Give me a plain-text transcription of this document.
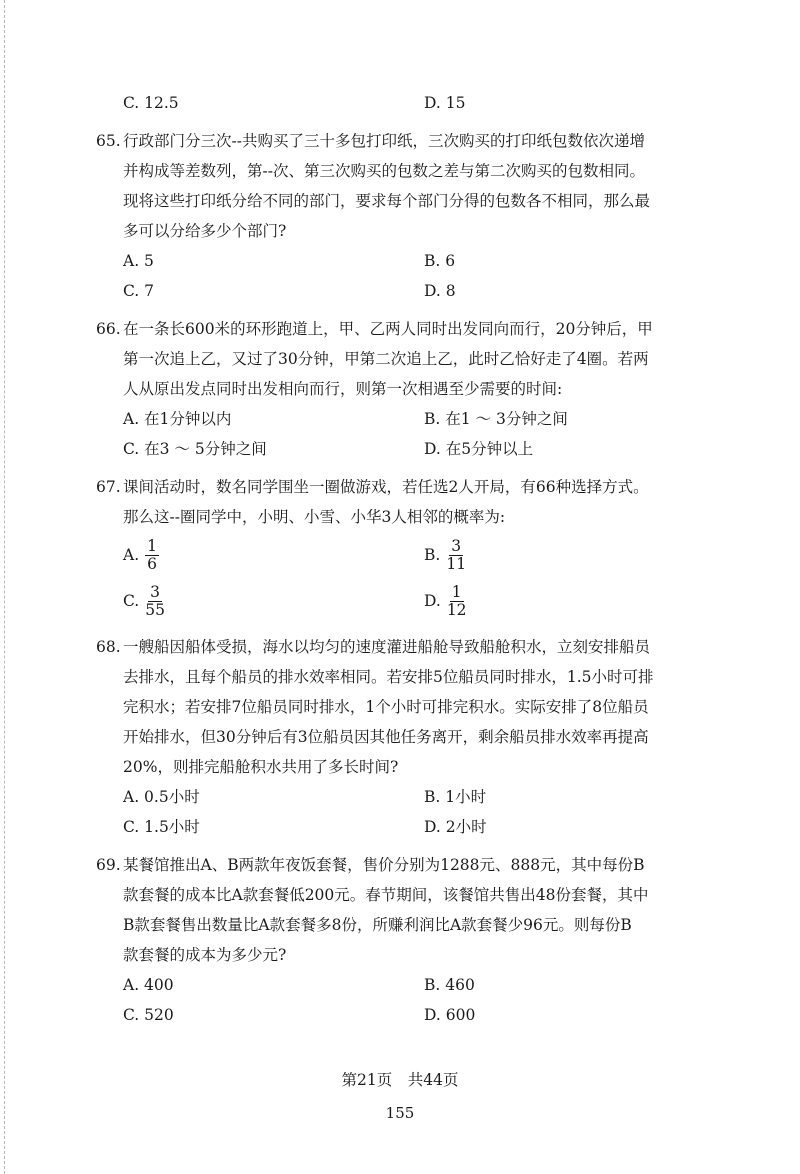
C. 12.5	D. 15
65. 行政部门分三次--共购买了三十多包打印纸，三次购买的打印纸包数依次递增
并构成等差数列，第--次、第三次购买的包数之差与第二次购买的包数相同。
现将这些打印纸分给不同的部门，要求每个部门分得的包数各不相同，那么最
多可以分给多少个部门?
A. 5	B. 6
C. 7	D. 8
66. 在一条长600米的环形跑道上，甲、乙两人同时出发同向而行，20分钟后，甲
第一次追上乙，又过了30分钟，甲第二次追上乙，此时乙恰好走了4圈。若两
人从原出发点同时出发相向而行，则第一次相遇至少需要的时间:
A. 在1分钟以内	B. 在1 ～ 3分钟之间
C. 在3 ～ 5分钟之间	D. 在5分钟以上
67. 课间活动时，数名同学围坐一圈做游戏，若任选2人开局，有66种选择方式。
那么这--圈同学中，小明、小雪、小华3人相邻的概率为:
A. $\frac{1}{6}$	B. $\frac{3}{11}$
C. $\frac{3}{55}$	D. $\frac{1}{12}$
68. 一艘船因船体受损，海水以均匀的速度灌进船舱导致船舱积水，立刻安排船员
去排水，且每个船员的排水效率相同。若安排5位船员同时排水，1.5小时可排
完积水；若安排7位船员同时排水，1个小时可排完积水。实际安排了8位船员
开始排水，但30分钟后有3位船员因其他任务离开，剩余船员排水效率再提高
20%，则排完船舱积水共用了多长时间?
A. 0.5小时	B. 1小时
C. 1.5小时	D. 2小时
69. 某餐馆推出A、B两款年夜饭套餐，售价分别为1288元、888元，其中每份B
款套餐的成本比A款套餐低200元。春节期间，该餐馆共售出48份套餐，其中
B款套餐售出数量比A款套餐多8份，所赚利润比A款套餐少96元。则每份B
款套餐的成本为多少元?
A. 400	B. 460
C. 520	D. 600
第21页　共44页
155
